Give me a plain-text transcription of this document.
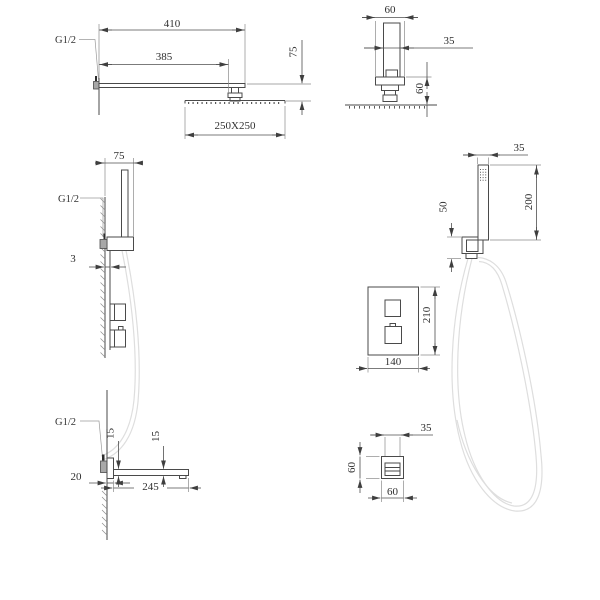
G1/2
410
385	75
250X250
60
35
60
G1/2
75
3
35
200
50
210
140
G1/2
15	15
20
245
35
60
60
